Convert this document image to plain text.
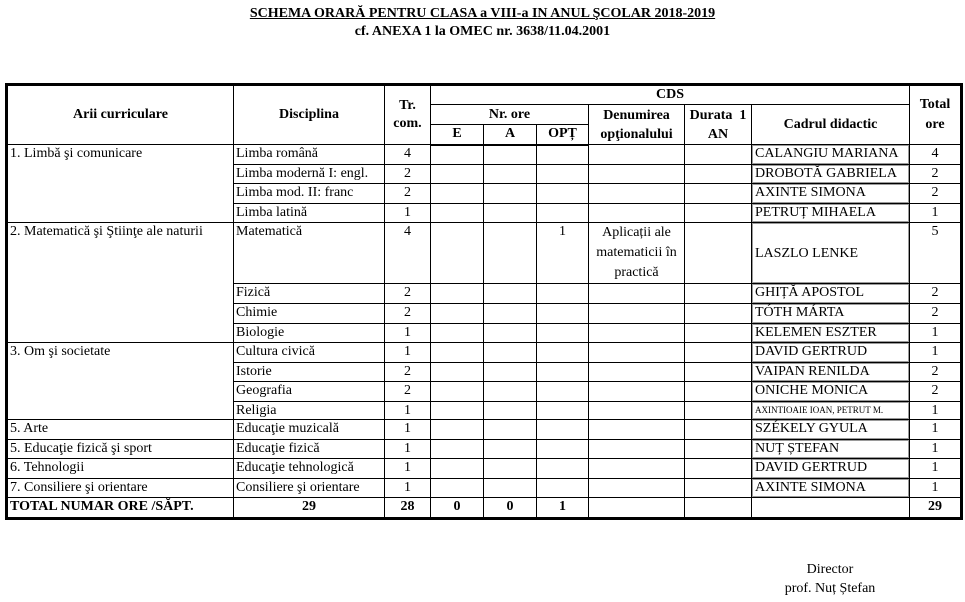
SCHEMA ORARĂ PENTRU CLASA a VIII-a IN ANUL ŞCOLAR 2018-2019
cf. ANEXA 1 la OMEC nr. 3638/11.04.2001
Arii curriculare	Disciplina	Tr. com.	CDS						Total ore
			Nr. ore			Denumirea opţionalului	Durata  1 AN	Cadrul didactic	
			E	A	OPȚ				
1. Limbă şi comunicare	Limba română	4						CALANGIU MARIANA	4
	Limba modernă I: engl.	2						DROBOTĂ GABRIELA	2
	Limba mod. II: franc	2						AXINTE SIMONA	2
	Limba latină	1						PETRUȚ MIHAELA	1
2. Matematică şi Ştiinţe ale naturii	Matematică	4			1	Aplicații ale matematicii în practică		LASZLO LENKE	5
	Fizică	2						GHIȚĂ APOSTOL	2
	Chimie	2						TÓTH MÁRTA	2
	Biologie	1						KELEMEN ESZTER	1
3. Om şi societate	Cultura civică	1						DAVID GERTRUD	1
	Istorie	2						VAIPAN RENILDA	2
	Geografia	2						ONICHE MONICA	2
	Religia	1						AXINTIOAIE IOAN, PETRUT M.	1
5. Arte	Educaţie muzicală	1						SZÉKELY GYULA	1
5. Educaţie fizică şi sport	Educaţie fizică	1						NUȚ ȘTEFAN	1
6. Tehnologii	Educaţie tehnologică	1						DAVID GERTRUD	1
7. Consiliere şi orientare	Consiliere şi orientare	1						AXINTE SIMONA	1
TOTAL NUMAR ORE /SĂPT.	29	28	0	0	1				29
Director
prof. Nuț Ștefan
